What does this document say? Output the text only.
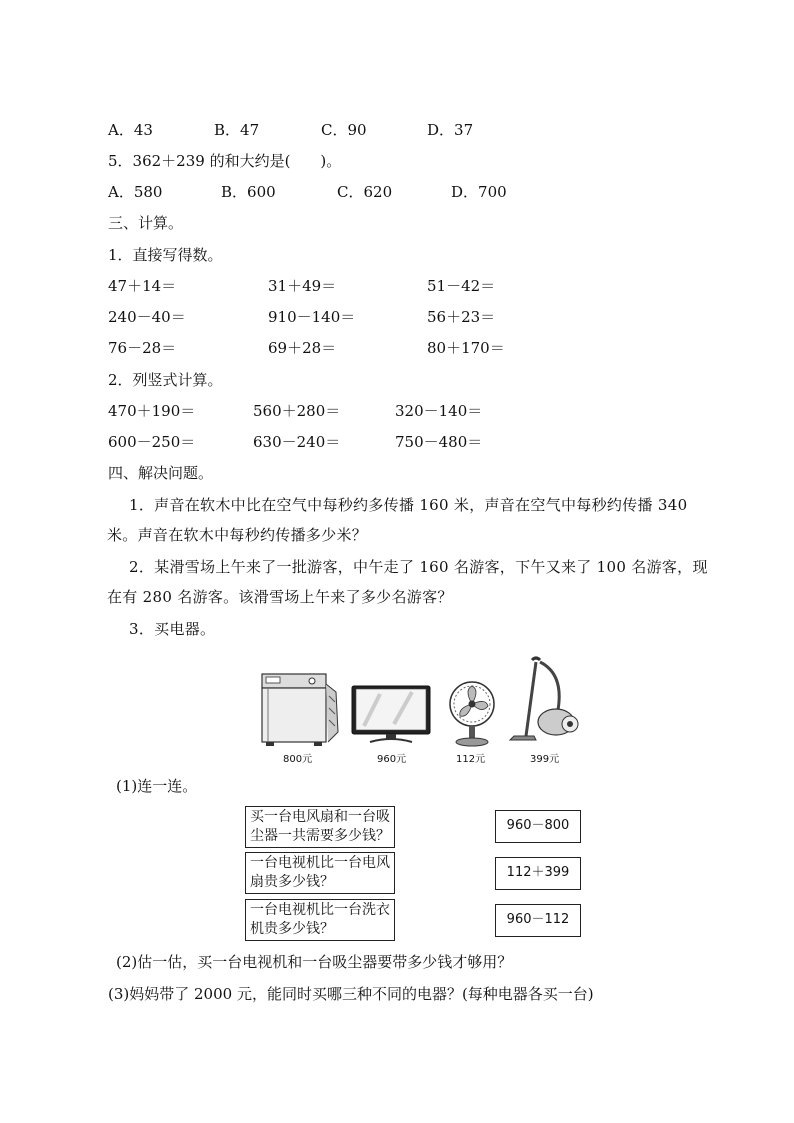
A．43	B．47	C．90	D．37
5．362＋239 的和大约是(　　)。
A．580	B．600	C．620	D．700
三、计算。
1．直接写得数。
47＋14＝	31＋49＝	51－42＝
240－40＝	910－140＝	56＋23＝
76－28＝	69＋28＝	80＋170＝
2．列竖式计算。
470＋190＝	560＋280＝	320－140＝
600－250＝	630－240＝	750－480＝
四、解决问题。
1．声音在软木中比在空气中每秒约多传播 160 米，声音在空气中每秒约传播 340 米。声音在软木中每秒约传播多少米？
2．某滑雪场上午来了一批游客，中午走了 160 名游客，下午又来了 100 名游客，现在有 280 名游客。该滑雪场上午来了多少名游客？
3．买电器。
800元	960元	112元	399元
(1)连一连。
买一台电风扇和一台吸尘器一共需要多少钱？
一台电视机比一台电风扇贵多少钱？
一台电视机比一台洗衣机贵多少钱？
960－800
112＋399
960－112
(2)估一估，买一台电视机和一台吸尘器要带多少钱才够用？
(3)妈妈带了 2000 元，能同时买哪三种不同的电器？(每种电器各买一台)
